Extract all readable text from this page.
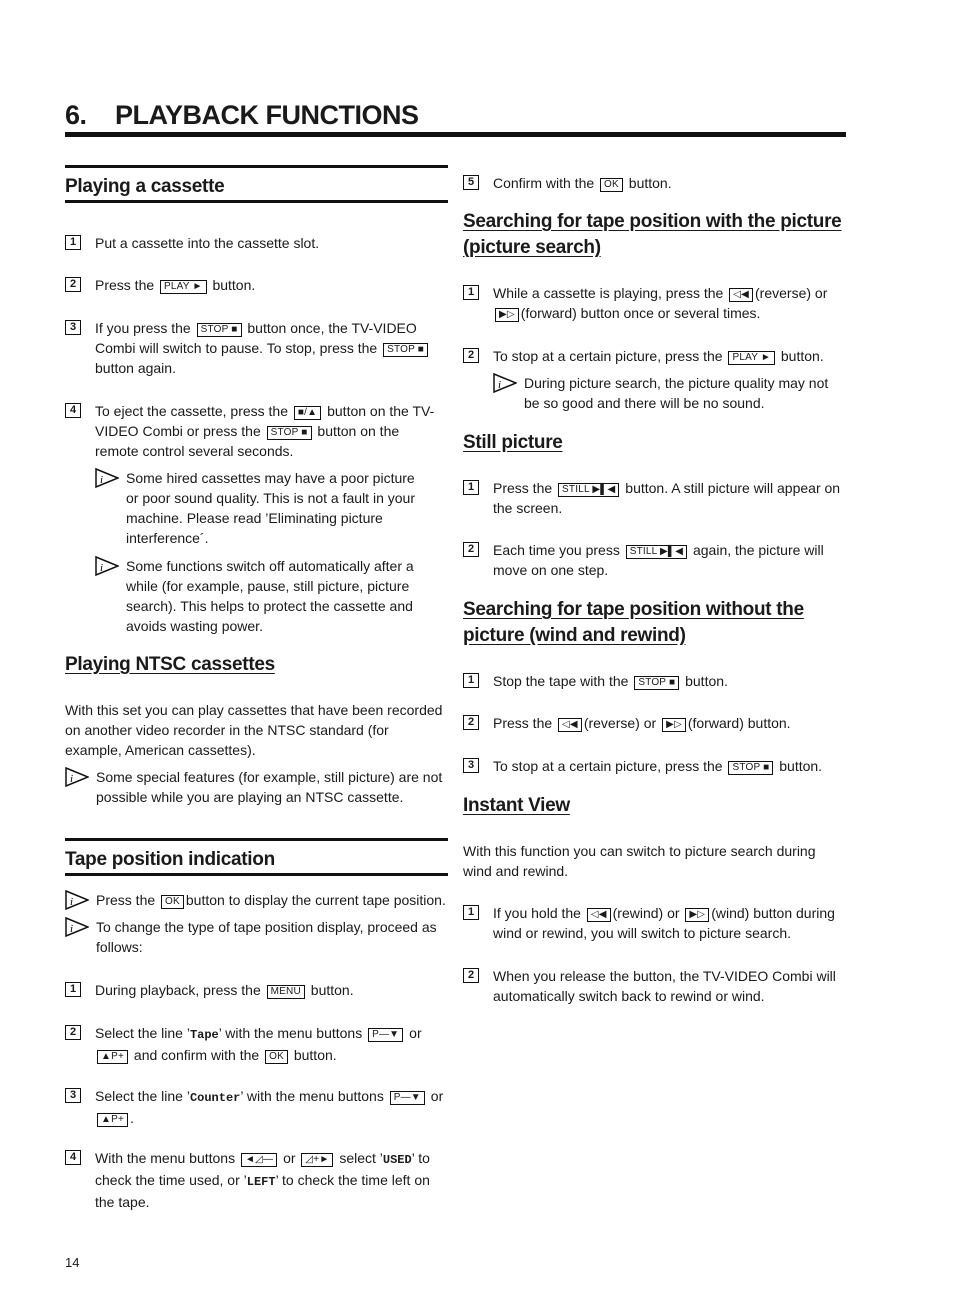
6. PLAYBACK FUNCTIONS
Playing a cassette
1	Put a cassette into the cassette slot.
2	Press the PLAY ► button.
3	If you press the STOP ■ button once, the TV-VIDEO Combi will switch to pause. To stop, press the STOP ■ button again.
4	To eject the cassette, press the ■/▲ button on the TV-VIDEO Combi or press the STOP ■ button on the remote control several seconds.
i Some hired cassettes may have a poor picture or poor sound quality. This is not a fault in your machine. Please read ’Eliminating picture interference´.
i Some functions switch off automatically after a while (for example, pause, still picture, picture search). This helps to protect the cassette and avoids wasting power.
Playing NTSC cassettes
With this set you can play cassettes that have been recorded on another video recorder in the NTSC standard (for example, American cassettes).
i Some special features (for example, still picture) are not possible while you are playing an NTSC cassette.
Tape position indication
i Press the OK button to display the current tape position.
i To change the type of tape position display, proceed as follows:
1	During playback, press the MENU button.
2	Select the line ’Tape’ with the menu buttons P—▼ or ▲P+ and confirm with the OK button.
3	Select the line ’Counter’ with the menu buttons P—▼ or ▲P+ .
4	With the menu buttons ◄◿— or ◿+► select ’USED’ to check the time used, or ’LEFT’ to check the time left on the tape.
5	Confirm with the OK button.
Searching for tape position with the picture
(picture search)
1	While a cassette is playing, press the ◁◀ (reverse) or ▶▷ (forward) button once or several times.
2	To stop at a certain picture, press the PLAY ► button.
i During picture search, the picture quality may not be so good and there will be no sound.
Still picture
1	Press the STILL ▶▌◀ button. A still picture will appear on the screen.
2	Each time you press STILL ▶▌◀ again, the picture will move on one step.
Searching for tape position without the
picture (wind and rewind)
1	Stop the tape with the STOP ■ button.
2	Press the ◁◀ (reverse) or ▶▷ (forward) button.
3	To stop at a certain picture, press the STOP ■ button.
Instant View
With this function you can switch to picture search during wind and rewind.
1	If you hold the ◁◀ (rewind) or ▶▷ (wind) button during wind or rewind, you will switch to picture search.
2	When you release the button, the TV-VIDEO Combi will automatically switch back to rewind or wind.
14
